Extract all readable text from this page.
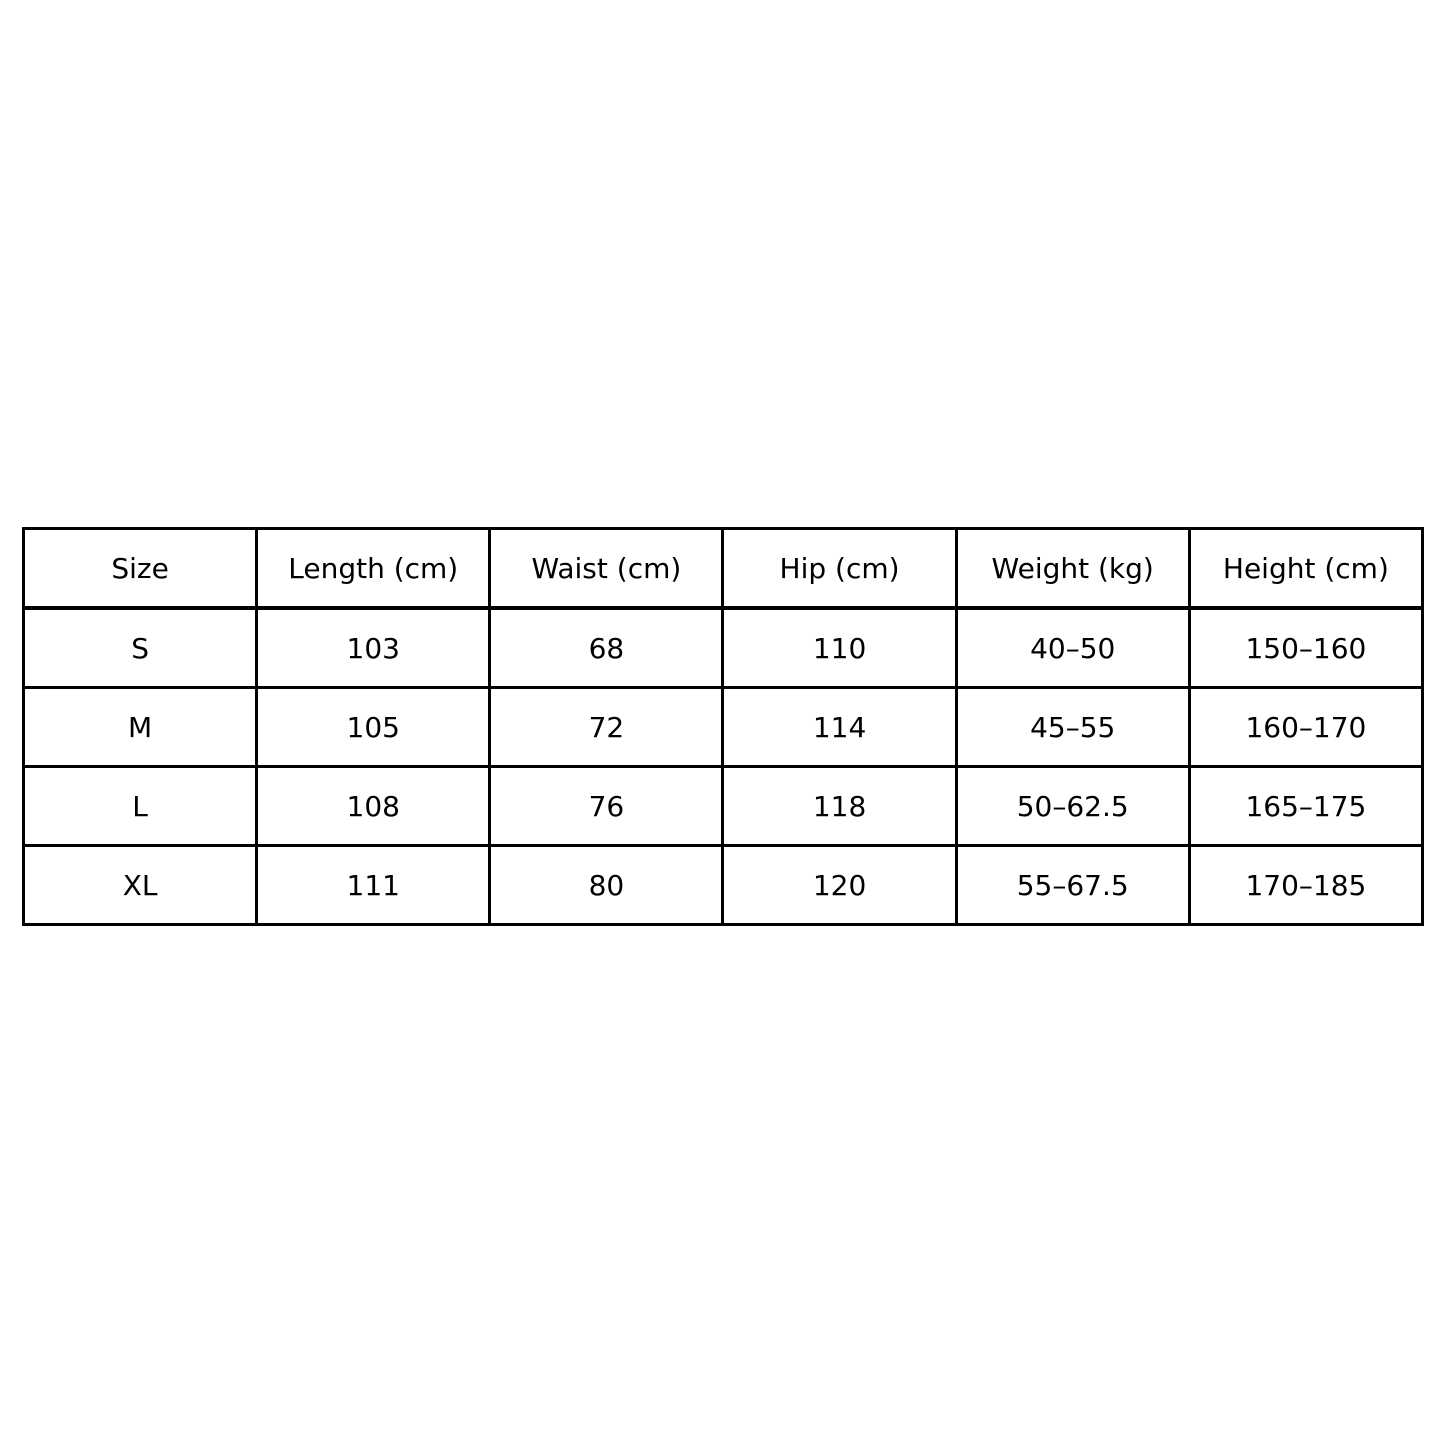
Size	Length (cm)	Waist (cm)	Hip (cm)	Weight (kg)	Height (cm)
S	103	68	110	40–50	150–160
M	105	72	114	45–55	160–170
L	108	76	118	50–62.5	165–175
XL	111	80	120	55–67.5	170–185
